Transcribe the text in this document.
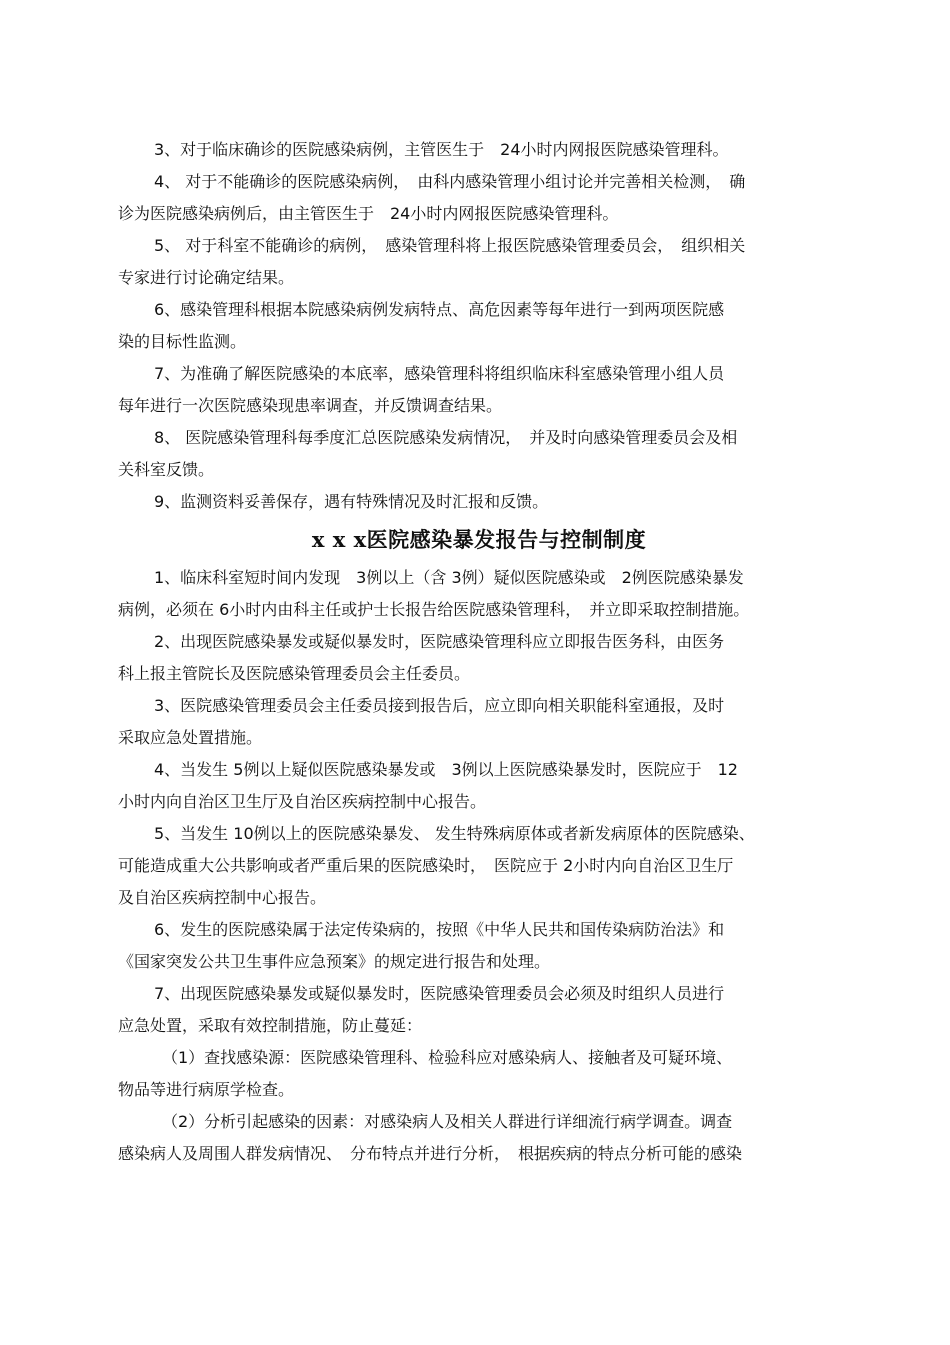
3、对于临床确诊的医院感染病例，主管医生于　24小时内网报医院感染管理科。

4、 对于不能确诊的医院感染病例，　由科内感染管理小组讨论并完善相关检测，　确
诊为医院感染病例后，由主管医生于　24小时内网报医院感染管理科。

5、 对于科室不能确诊的病例，　感染管理科将上报医院感染管理委员会，　组织相关
专家进行讨论确定结果。

6、感染管理科根据本院感染病例发病特点、高危因素等每年进行一到两项医院感
染的目标性监测。

7、为准确了解医院感染的本底率，感染管理科将组织临床科室感染管理小组人员
每年进行一次医院感染现患率调查，并反馈调查结果。

8、 医院感染管理科每季度汇总医院感染发病情况，　并及时向感染管理委员会及相
关科室反馈。

9、监测资料妥善保存，遇有特殊情况及时汇报和反馈。

x x x医院感染暴发报告与控制制度

1、临床科室短时间内发现　3例以上（含 3例）疑似医院感染或　2例医院感染暴发
病例，必须在 6小时内由科主任或护士长报告给医院感染管理科，　并立即采取控制措施。

2、出现医院感染暴发或疑似暴发时，医院感染管理科应立即报告医务科，由医务
科上报主管院长及医院感染管理委员会主任委员。

3、医院感染管理委员会主任委员接到报告后，应立即向相关职能科室通报，及时
采取应急处置措施。

4、当发生 5例以上疑似医院感染暴发或　3例以上医院感染暴发时，医院应于　12
小时内向自治区卫生厅及自治区疾病控制中心报告。

5、当发生 10例以上的医院感染暴发、 发生特殊病原体或者新发病原体的医院感染、
可能造成重大公共影响或者严重后果的医院感染时，　医院应于 2小时内向自治区卫生厅
及自治区疾病控制中心报告。

6、发生的医院感染属于法定传染病的，按照《中华人民共和国传染病防治法》和
《国家突发公共卫生事件应急预案》的规定进行报告和处理。

7、出现医院感染暴发或疑似暴发时，医院感染管理委员会必须及时组织人员进行
应急处置，采取有效控制措施，防止蔓延：

（1）查找感染源：医院感染管理科、检验科应对感染病人、接触者及可疑环境、
物品等进行病原学检查。

（2）分析引起感染的因素：对感染病人及相关人群进行详细流行病学调查。调查
感染病人及周围人群发病情况、　分布特点并进行分析，　根据疾病的特点分析可能的感染
